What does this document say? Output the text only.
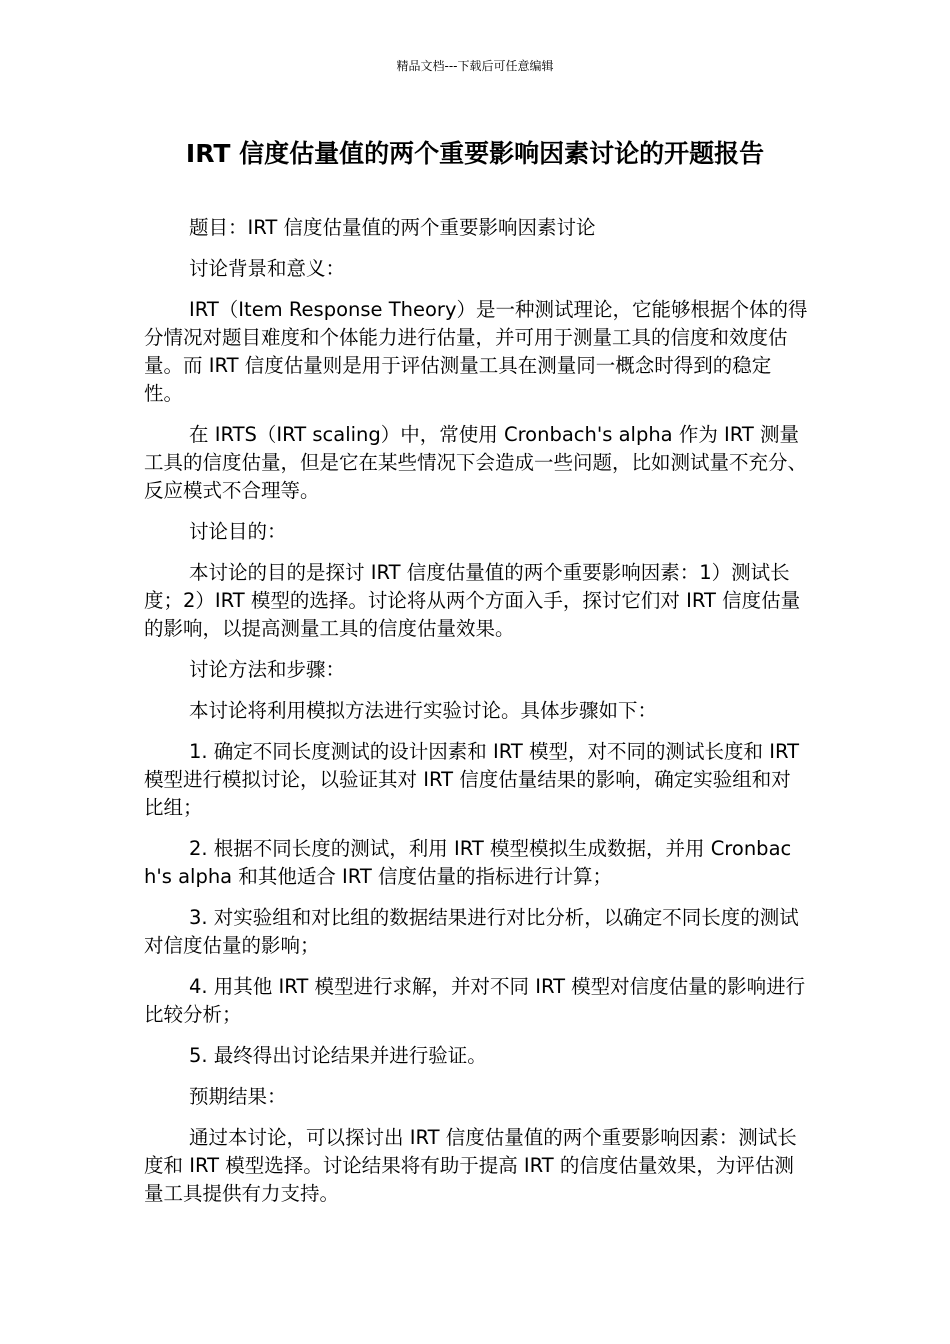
精品文档---下载后可任意编辑
IRT 信度估量值的两个重要影响因素讨论的开题报告

题目：IRT 信度估量值的两个重要影响因素讨论

讨论背景和意义：

IRT（Item Response Theory）是一种测试理论，它能够根据个体的得分情况对题目难度和个体能力进行估量，并可用于测量工具的信度和效度估量。而 IRT 信度估量则是用于评估测量工具在测量同一概念时得到的稳定性。

在 IRTS（IRT scaling）中，常使用 Cronbach's alpha 作为 IRT 测量工具的信度估量，但是它在某些情况下会造成一些问题，比如测试量不充分、反应模式不合理等。

讨论目的：

本讨论的目的是探讨 IRT 信度估量值的两个重要影响因素：1）测试长度；2）IRT 模型的选择。讨论将从两个方面入手，探讨它们对 IRT 信度估量的影响，以提高测量工具的信度估量效果。

讨论方法和步骤：

本讨论将利用模拟方法进行实验讨论。具体步骤如下：

1. 确定不同长度测试的设计因素和 IRT 模型，对不同的测试长度和 IRT 模型进行模拟讨论，以验证其对 IRT 信度估量结果的影响，确定实验组和对比组；

2. 根据不同长度的测试，利用 IRT 模型模拟生成数据，并用 Cronbach's alpha 和其他适合 IRT 信度估量的指标进行计算；

3. 对实验组和对比组的数据结果进行对比分析，以确定不同长度的测试对信度估量的影响；

4. 用其他 IRT 模型进行求解，并对不同 IRT 模型对信度估量的影响进行比较分析；

5. 最终得出讨论结果并进行验证。

预期结果：

通过本讨论，可以探讨出 IRT 信度估量值的两个重要影响因素：测试长度和 IRT 模型选择。讨论结果将有助于提高 IRT 的信度估量效果，为评估测量工具提供有力支持。
